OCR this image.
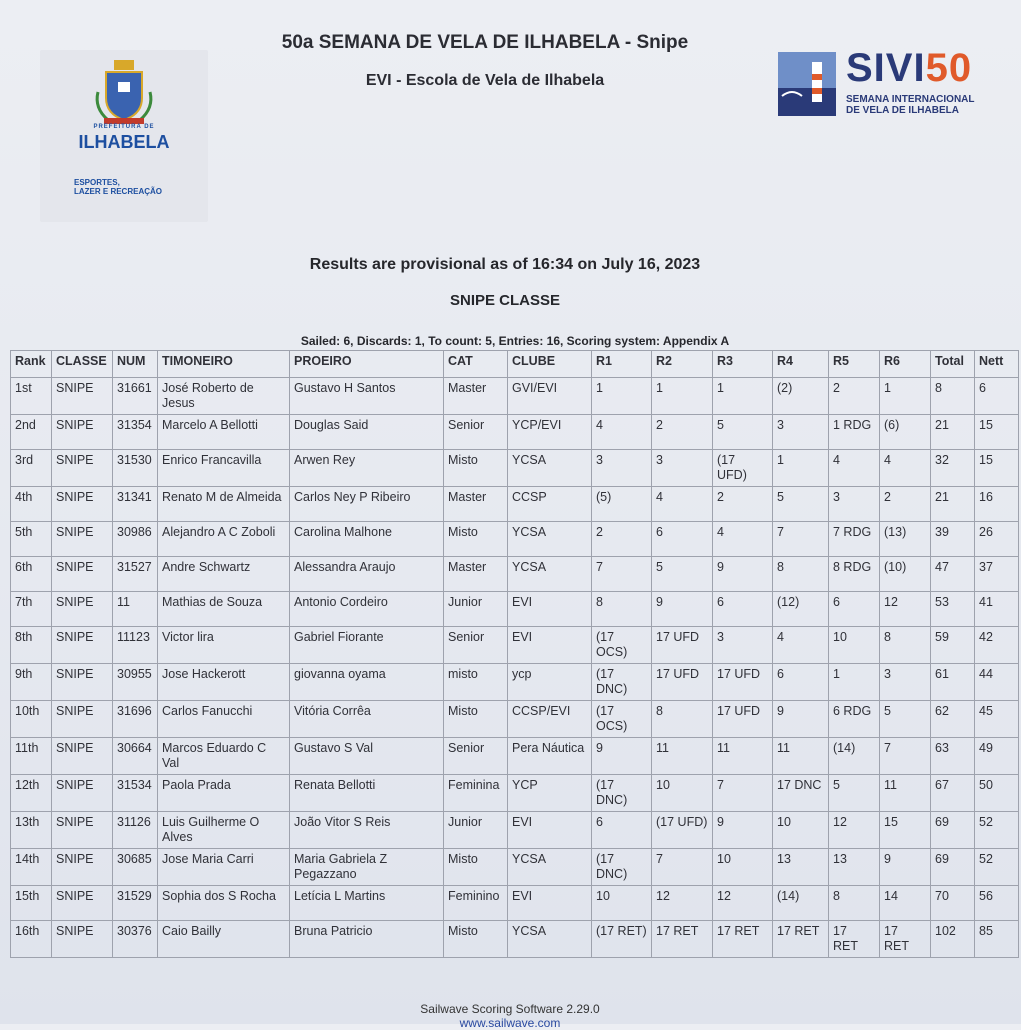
PREFEITURA DE
ILHABELA
ESPORTES,
LAZER E RECREAÇÃO
50a SEMANA DE VELA DE ILHABELA - Snipe
EVI - Escola de Vela de Ilhabela	SIVI50
SEMANA INTERNACIONAL
DE VELA DE ILHABELA
Results are provisional as of 16:34 on July 16, 2023
SNIPE CLASSE
Sailed: 6, Discards: 1, To count: 5, Entries: 16, Scoring system: Appendix A
Rank	CLASSE	NUM	TIMONEIRO	PROEIRO	CAT	CLUBE	R1	R2	R3	R4	R5	R6	Total	Nett
1st	SNIPE	31661	José Roberto de Jesus	Gustavo H Santos	Master	GVI/EVI	1	1	1	(2)	2	1	8	6
2nd	SNIPE	31354	Marcelo A Bellotti	Douglas Said	Senior	YCP/EVI	4	2	5	3	1 RDG	(6)	21	15
3rd	SNIPE	31530	Enrico Francavilla	Arwen Rey	Misto	YCSA	3	3	(17 UFD)	1	4	4	32	15
4th	SNIPE	31341	Renato M de Almeida	Carlos Ney P Ribeiro	Master	CCSP	(5)	4	2	5	3	2	21	16
5th	SNIPE	30986	Alejandro A C Zoboli	Carolina Malhone	Misto	YCSA	2	6	4	7	7 RDG	(13)	39	26
6th	SNIPE	31527	Andre Schwartz	Alessandra Araujo	Master	YCSA	7	5	9	8	8 RDG	(10)	47	37
7th	SNIPE	11	Mathias de Souza	Antonio Cordeiro	Junior	EVI	8	9	6	(12)	6	12	53	41
8th	SNIPE	11123	Victor lira	Gabriel Fiorante	Senior	EVI	(17 OCS)	17 UFD	3	4	10	8	59	42
9th	SNIPE	30955	Jose Hackerott	giovanna oyama	misto	ycp	(17 DNC)	17 UFD	17 UFD	6	1	3	61	44
10th	SNIPE	31696	Carlos Fanucchi	Vitória Corrêa	Misto	CCSP/EVI	(17 OCS)	8	17 UFD	9	6 RDG	5	62	45
11th	SNIPE	30664	Marcos Eduardo C Val	Gustavo S Val	Senior	Pera Náutica	9	11	11	11	(14)	7	63	49
12th	SNIPE	31534	Paola Prada	Renata Bellotti	Feminina	YCP	(17 DNC)	10	7	17 DNC	5	11	67	50
13th	SNIPE	31126	Luis Guilherme O Alves	João Vitor S Reis	Junior	EVI	6	(17 UFD)	9	10	12	15	69	52
14th	SNIPE	30685	Jose Maria Carri	Maria Gabriela Z Pegazzano	Misto	YCSA	(17 DNC)	7	10	13	13	9	69	52
15th	SNIPE	31529	Sophia dos S Rocha	Letícia L Martins	Feminino	EVI	10	12	12	(14)	8	14	70	56
16th	SNIPE	30376	Caio Bailly	Bruna Patricio	Misto	YCSA	(17 RET)	17 RET	17 RET	17 RET	17 RET	17 RET	102	85
Sailwave Scoring Software 2.29.0
www.sailwave.com
